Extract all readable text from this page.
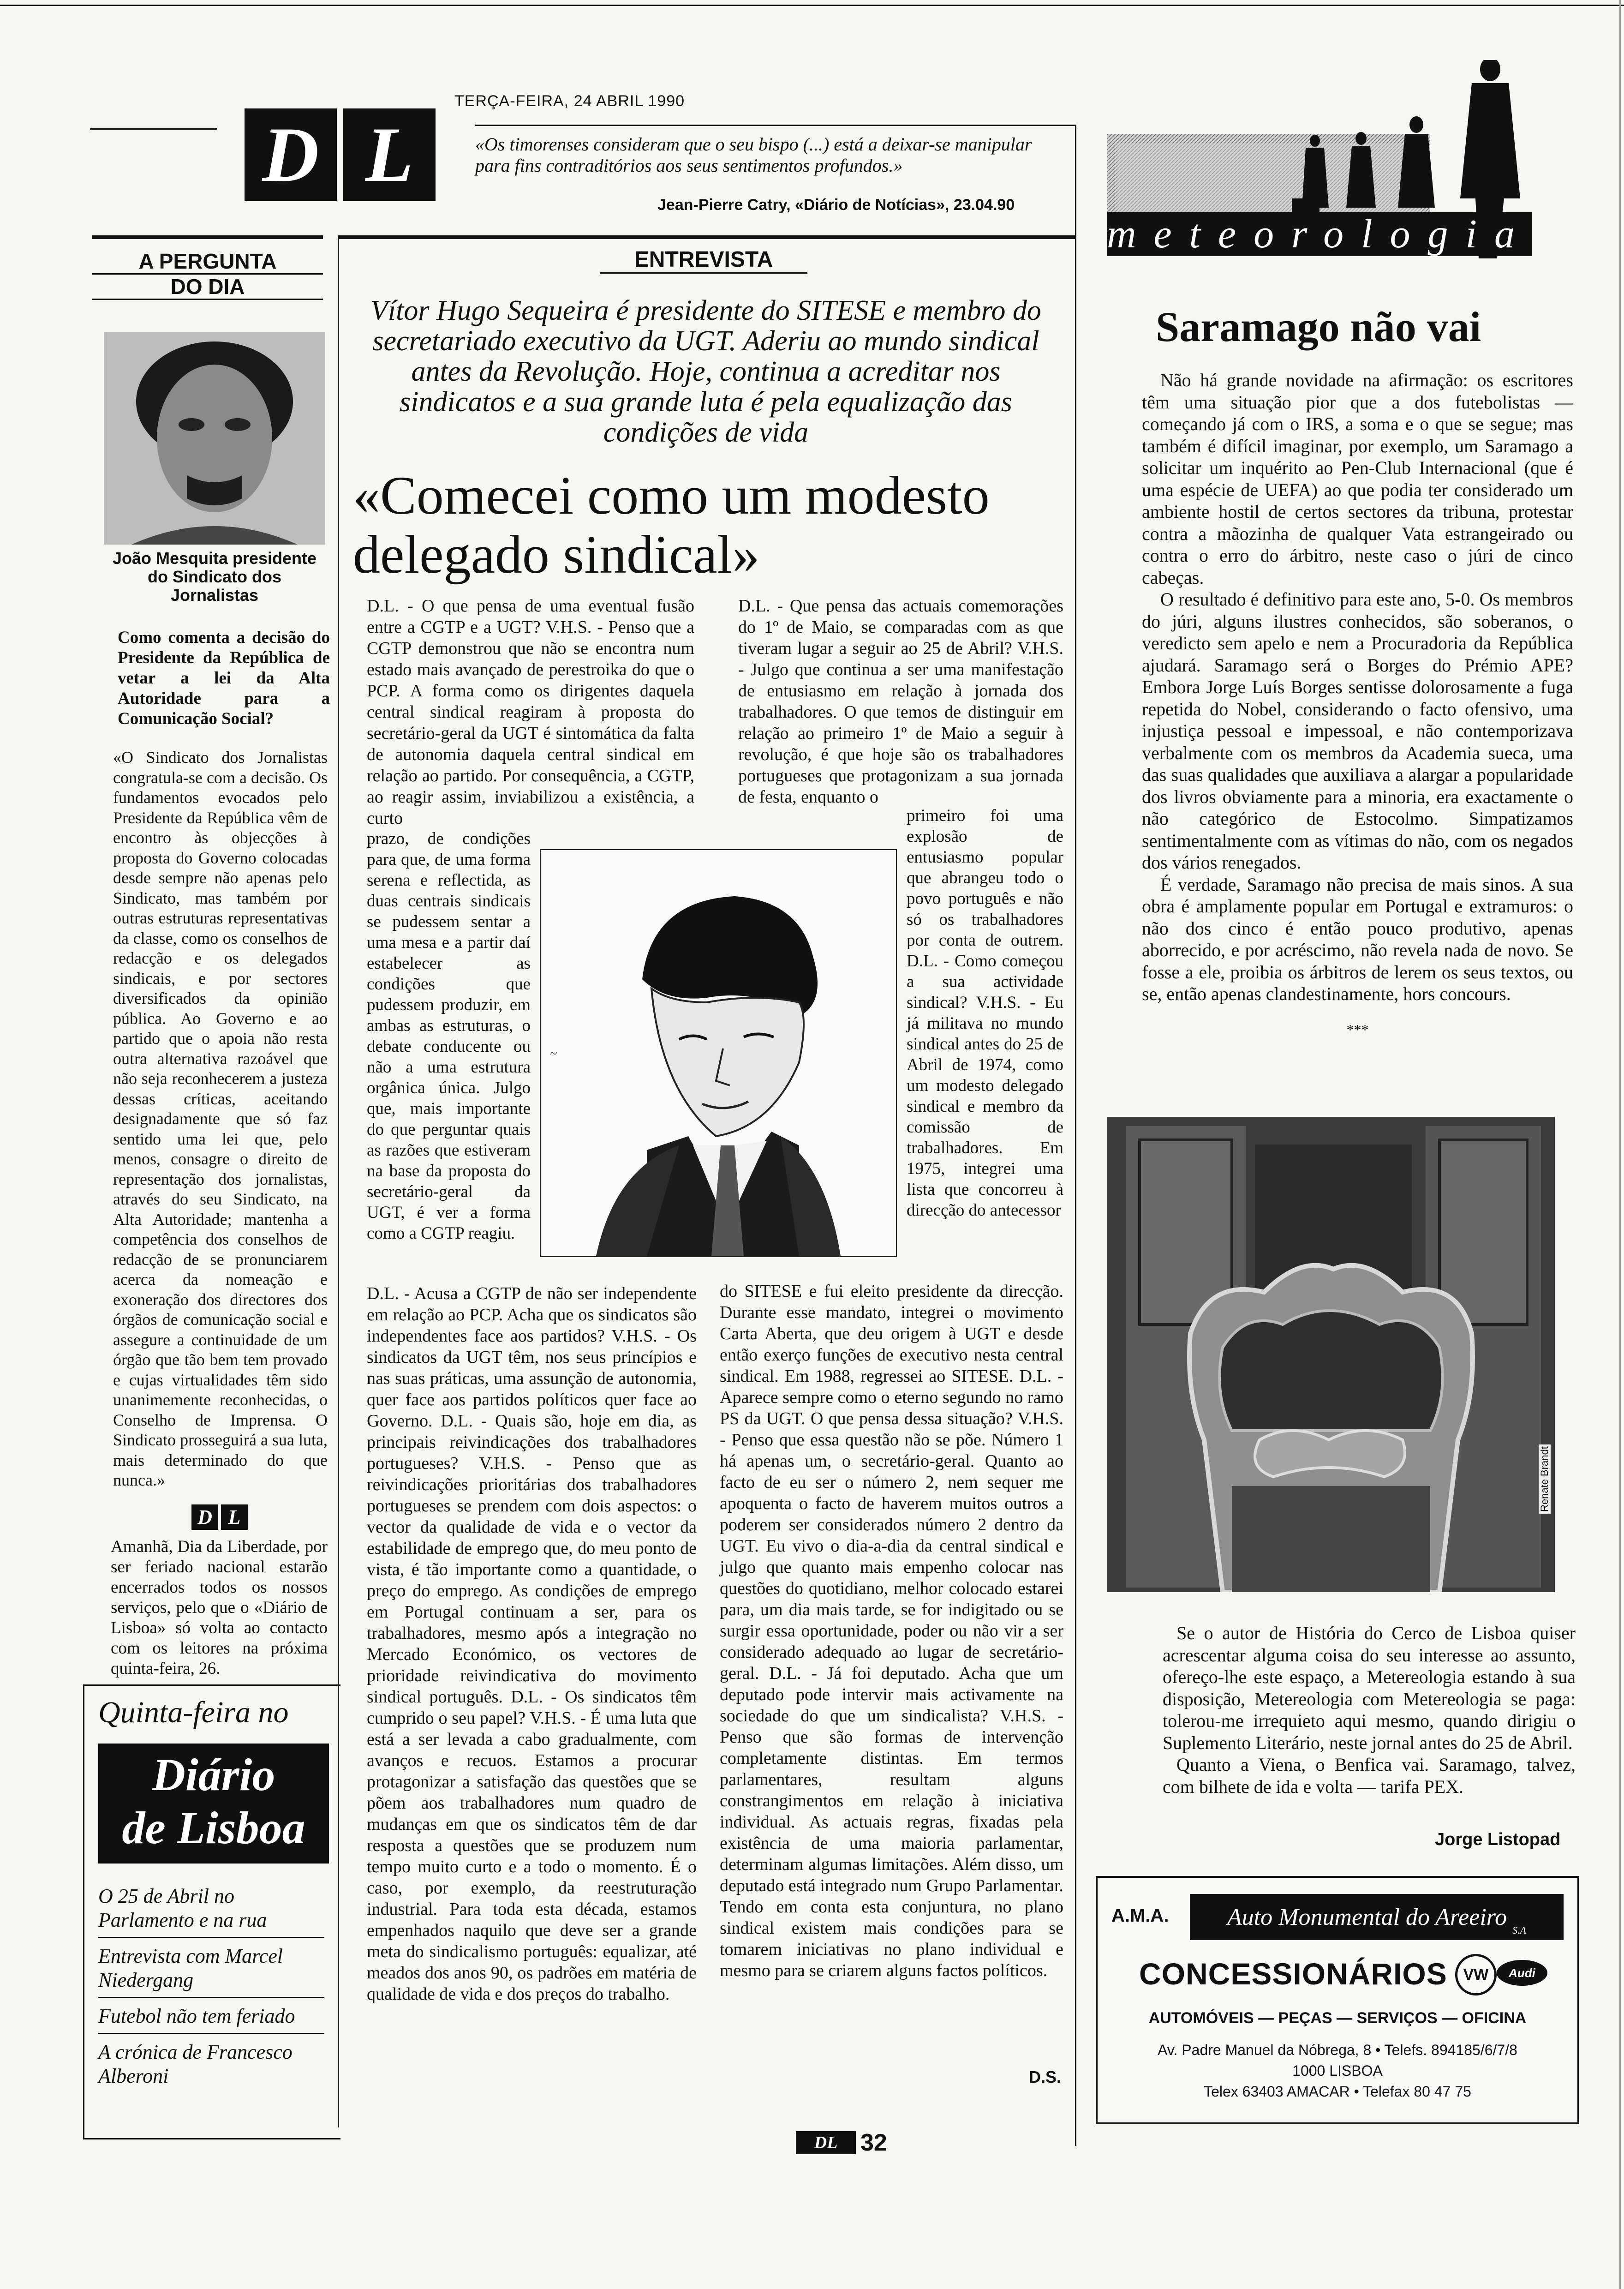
TERÇA-FEIRA, 24 ABRIL 1990
D L	«Os timorenses consideram que o seu bispo (...) está a deixar-se manipular para fins contraditórios aos seus sentimentos profundos.»
Jean-Pierre Catry, «Diário de Notícias», 23.04.90
meteorologia
A PERGUNTA
DO DIA
João Mesquita presidente do Sindicato dos Jornalistas
Como comenta a decisão do Presidente da República de vetar a lei da Alta Autoridade para a Comunicação Social?
«O Sindicato dos Jornalistas congratula-se com a decisão. Os fundamentos evocados pelo Presidente da República vêm de encontro às objecções à proposta do Governo colocadas desde sempre não apenas pelo Sindicato, mas também por outras estruturas representativas da classe, como os conselhos de redacção e os delegados sindicais, e por sectores diversificados da opinião pública. Ao Governo e ao partido que o apoia não resta outra alternativa razoável que não seja reconhecerem a justeza dessas críticas, aceitando designadamente que só faz sentido uma lei que, pelo menos, consagre o direito de representação dos jornalistas, através do seu Sindicato, na Alta Autoridade; mantenha a competência dos conselhos de redacção de se pronunciarem acerca da nomeação e exoneração dos directores dos órgãos de comunicação social e assegure a continuidade de um órgão que tão bem tem provado e cujas virtualidades têm sido unanimemente reconhecidas, o Conselho de Imprensa. O Sindicato prosseguirá a sua luta, mais determinado do que nunca.»
D L
Amanhã, Dia da Liberdade, por ser feriado nacional estarão encerrados todos os nossos serviços, pelo que o «Diário de Lisboa» só volta ao contacto com os leitores na próxima quinta-feira, 26.
Quinta-feira no
Diário
de Lisboa
O 25 de Abril no Parlamento e na rua
Entrevista com Marcel Niedergang
Futebol não tem feriado
A crónica de Francesco Alberoni
ENTREVISTA
Vítor Hugo Sequeira é presidente do SITESE e membro do secretariado executivo da UGT. Aderiu ao mundo sindical antes da Revolução. Hoje, continua a acreditar nos sindicatos e a sua grande luta é pela equalização das condições de vida
«Comecei como um modesto
delegado sindical»
D.L. - O que pensa de uma eventual fusão entre a CGTP e a UGT? V.H.S. - Penso que a CGTP demonstrou que não se encontra num estado mais avançado de perestroika do que o PCP. A forma como os dirigentes daquela central sindical reagiram à proposta do secretário-geral da UGT é sintomática da falta de autonomia daquela central sindical em relação ao partido. Por consequência, a CGTP, ao reagir assim, inviabilizou a existência, a curto
prazo, de condições para que, de uma forma serena e reflectida, as duas centrais sindicais se pudessem sentar a uma mesa e a partir daí estabelecer as condições que pudessem produzir, em ambas as estruturas, o debate conducente ou não a uma estrutura orgânica única. Julgo que, mais importante do que perguntar quais as razões que estiveram na base da proposta do secretário-geral da UGT, é ver a forma como a CGTP reagiu.
D.L. - Acusa a CGTP de não ser independente em relação ao PCP. Acha que os sindicatos são independentes face aos partidos? V.H.S. - Os sindicatos da UGT têm, nos seus princípios e nas suas práticas, uma assunção de autonomia, quer face aos partidos políticos quer face ao Governo. D.L. - Quais são, hoje em dia, as principais reivindicações dos trabalhadores portugueses? V.H.S. - Penso que as reivindicações prioritárias dos trabalhadores portugueses se prendem com dois aspectos: o vector da qualidade de vida e o vector da estabilidade de emprego que, do meu ponto de vista, é tão importante como a quantidade, o preço do emprego. As condições de emprego em Portugal continuam a ser, para os trabalhadores, mesmo após a integração no Mercado Económico, os vectores de prioridade reivindicativa do movimento sindical português. D.L. - Os sindicatos têm cumprido o seu papel? V.H.S. - É uma luta que está a ser levada a cabo gradualmente, com avanços e recuos. Estamos a procurar protagonizar a satisfação das questões que se põem aos trabalhadores num quadro de mudanças em que os sindicatos têm de dar resposta a questões que se produzem num tempo muito curto e a todo o momento. É o caso, por exemplo, da reestruturação industrial. Para toda esta década, estamos empenhados naquilo que deve ser a grande meta do sindicalismo português: equalizar, até meados dos anos 90, os padrões em matéria de qualidade de vida e dos preços do trabalho.
D.L. - Que pensa das actuais comemorações do 1º de Maio, se comparadas com as que tiveram lugar a seguir ao 25 de Abril? V.H.S. - Julgo que continua a ser uma manifestação de entusiasmo em relação à jornada dos trabalhadores. O que temos de distinguir em relação ao primeiro 1º de Maio a seguir à revolução, é que hoje são os trabalhadores portugueses que protagonizam a sua jornada de festa, enquanto o
primeiro foi uma explosão de entusiasmo popular que abrangeu todo o povo português e não só os trabalhadores por conta de outrem. D.L. - Como começou a sua actividade sindical? V.H.S. - Eu já militava no mundo sindical antes do 25 de Abril de 1974, como um modesto delegado sindical e membro da comissão de trabalhadores. Em 1975, integrei uma lista que concorreu à direcção do antecessor
do SITESE e fui eleito presidente da direcção. Durante esse mandato, integrei o movimento Carta Aberta, que deu origem à UGT e desde então exerço funções de executivo nesta central sindical. Em 1988, regressei ao SITESE. D.L. - Aparece sempre como o eterno segundo no ramo PS da UGT. O que pensa dessa situação? V.H.S. - Penso que essa questão não se põe. Número 1 há apenas um, o secretário-geral. Quanto ao facto de eu ser o número 2, nem sequer me apoquenta o facto de haverem muitos outros a poderem ser considerados número 2 dentro da UGT. Eu vivo o dia-a-dia da central sindical e julgo que quanto mais empenho colocar nas questões do quotidiano, melhor colocado estarei para, um dia mais tarde, se for indigitado ou se surgir essa oportunidade, poder ou não vir a ser considerado adequado ao lugar de secretário-geral. D.L. - Já foi deputado. Acha que um deputado pode intervir mais activamente na sociedade do que um sindicalista? V.H.S. - Penso que são formas de intervenção completamente distintas. Em termos parlamentares, resultam alguns constrangimentos em relação à iniciativa individual. As actuais regras, fixadas pela existência de uma maioria parlamentar, determinam algumas limitações. Além disso, um deputado está integrado num Grupo Parlamentar. Tendo em conta esta conjuntura, no plano sindical existem mais condições para se tomarem iniciativas no plano individual e mesmo para se criarem alguns factos políticos.
D.S.
~
Saramago não vai

Não há grande novidade na afirmação: os escritores têm uma situação pior que a dos futebolistas — começando já com o IRS, a soma e o que se segue; mas também é difícil imaginar, por exemplo, um Saramago a solicitar um inquérito ao Pen-Club Internacional (que é uma espécie de UEFA) ao que podia ter considerado um ambiente hostil de certos sectores da tribuna, protestar contra a mãozinha de qualquer Vata estrangeirado ou contra o erro do árbitro, neste caso o júri de cinco cabeças.

O resultado é definitivo para este ano, 5-0. Os membros do júri, alguns ilustres conhecidos, são soberanos, o veredicto sem apelo e nem a Procuradoria da República ajudará. Saramago será o Borges do Prémio APE? Embora Jorge Luís Borges sentisse dolorosamente a fuga repetida do Nobel, considerando o facto ofensivo, uma injustiça pessoal e impessoal, e não contemporizava verbalmente com os membros da Academia sueca, uma das suas qualidades que auxiliava a alargar a popularidade dos livros obviamente para a minoria, era exactamente o não categórico de Estocolmo. Simpatizamos sentimentalmente com as vítimas do não, com os negados dos vários renegados.

É verdade, Saramago não precisa de mais sinos. A sua obra é amplamente popular em Portugal e extramuros: o não dos cinco é então pouco produtivo, apenas aborrecido, e por acréscimo, não revela nada de novo. Se fosse a ele, proibia os árbitros de lerem os seus textos, ou se, então apenas clandestinamente, hors concours.

***
Renate Brandt

Se o autor de História do Cerco de Lisboa quiser acrescentar alguma coisa do seu interesse ao assunto, ofereço-lhe este espaço, a Metereologia estando à sua disposição, Metereologia com Metereologia se paga: tolerou-me irrequieto aqui mesmo, quando dirigiu o Suplemento Literário, neste jornal antes do 25 de Abril.

Quanto a Viena, o Benfica vai. Saramago, talvez, com bilhete de ida e volta — tarifa PEX.

Jorge Listopad
A.M.A. Auto Monumental do Areeiro S.A
CONCESSIONÁRIOS	VW	Audi
AUTOMÓVEIS — PEÇAS — SERVIÇOS — OFICINA
Av. Padre Manuel da Nóbrega, 8 • Telefs. 894185/6/7/8
1000 LISBOA
Telex 63403 AMACAR • Telefax 80 47 75
DL 32
